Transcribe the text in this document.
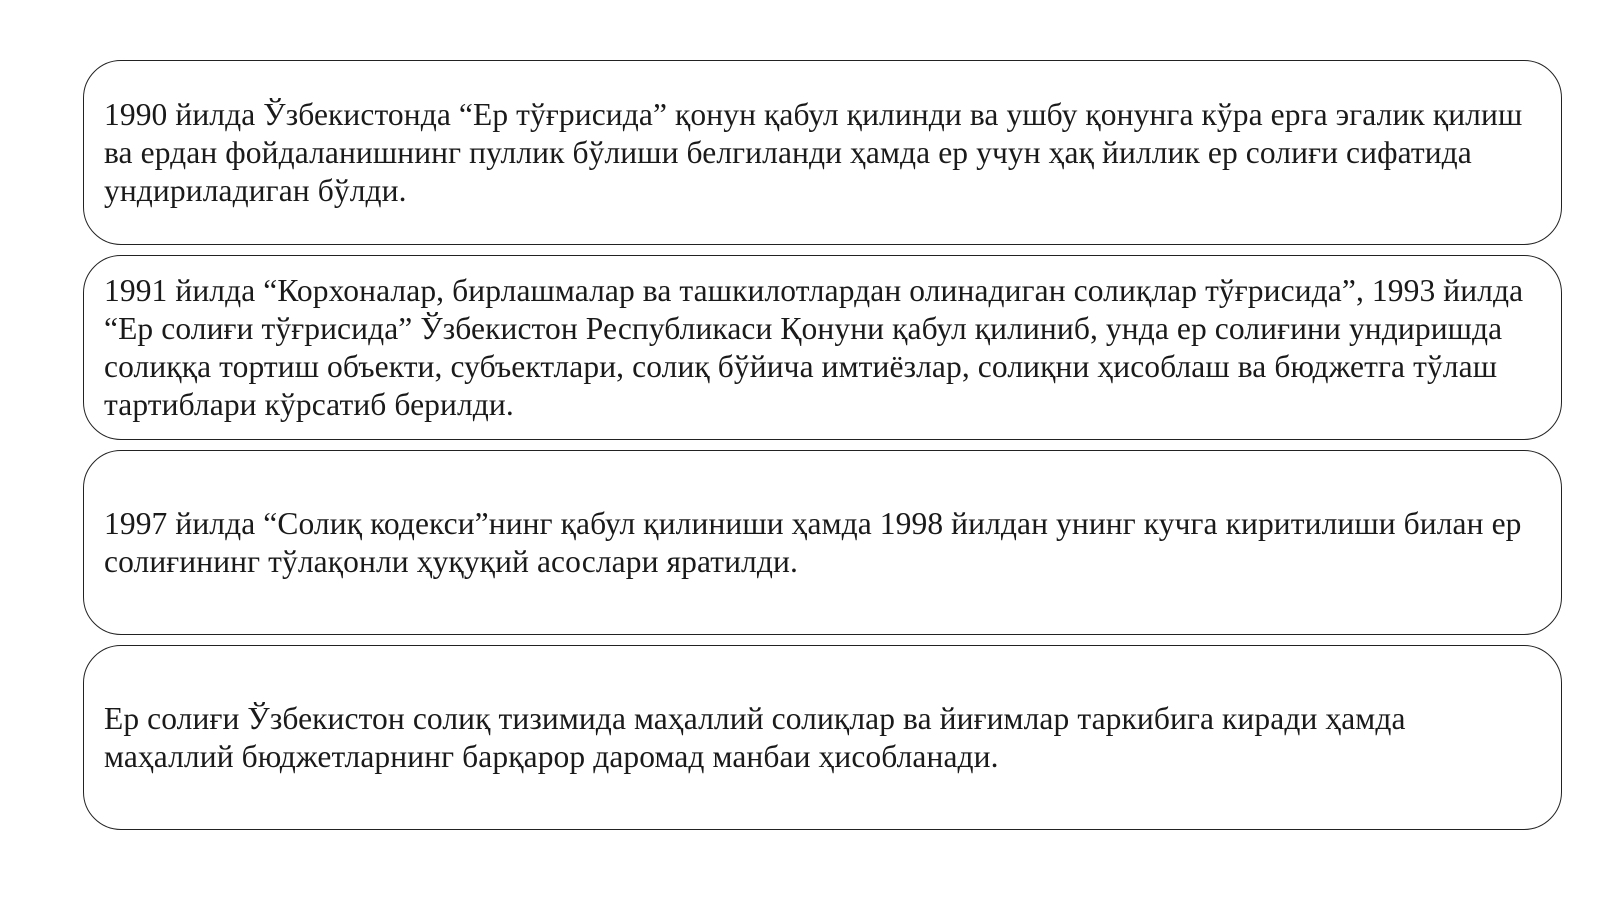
1990 йилда Ўзбекистонда “Ер тўғрисида” қонун қабул қилинди ва ушбу қонунга кўра ерга эгалик қилиш ва ердан фойдаланишнинг пуллик бўлиши белгиланди ҳамда ер учун ҳақ йиллик ер солиғи сифатида ундириладиган бўлди.

1991 йилда “Корхоналар, бирлашмалар ва ташкилотлардан олинадиган солиқлар тўғрисида”, 1993 йилда “Ер солиғи тўғрисида” Ўзбекистон Республикаси Қонуни қабул қилиниб, унда ер солиғини ундиришда солиққа тортиш объекти, субъектлари, солиқ бўйича имтиёзлар, солиқни ҳисоблаш ва бюджетга тўлаш тартиблари кўрсатиб берилди.

1997 йилда “Солиқ кодекси”нинг қабул қилиниши ҳамда 1998 йилдан унинг кучга киритилиши билан ер солиғининг тўлақонли ҳуқуқий асослари яратилди.

Ер солиғи Ўзбекистон солиқ тизимида маҳаллий солиқлар ва йиғимлар таркибига киради ҳамда маҳаллий бюджетларнинг барқарор даромад манбаи ҳисобланади.
